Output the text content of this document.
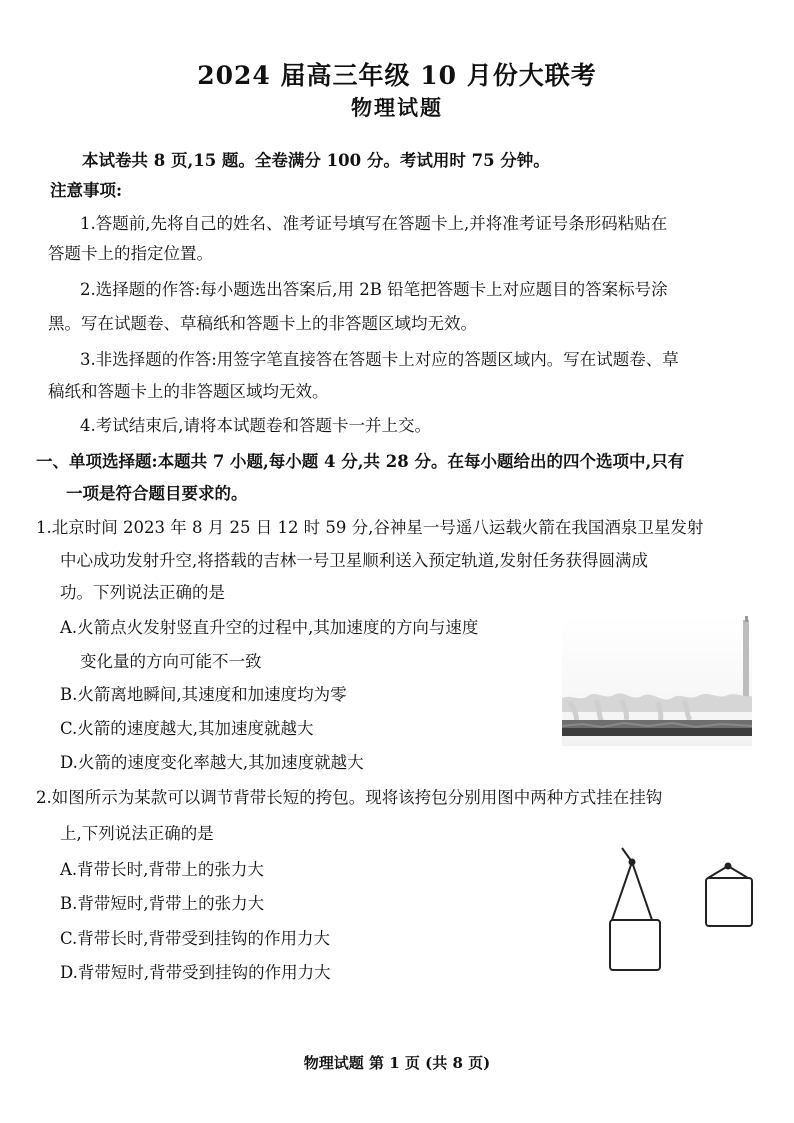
2024 届高三年级 10 月份大联考
物理试题
本试卷共 8 页,15 题。全卷满分 100 分。考试用时 75 分钟。
注意事项:
1.答题前,先将自己的姓名、准考证号填写在答题卡上,并将准考证号条形码粘贴在
答题卡上的指定位置。
2.选择题的作答:每小题选出答案后,用 2B 铅笔把答题卡上对应题目的答案标号涂
黑。写在试题卷、草稿纸和答题卡上的非答题区域均无效。
3.非选择题的作答:用签字笔直接答在答题卡上对应的答题区域内。写在试题卷、草
稿纸和答题卡上的非答题区域均无效。
4.考试结束后,请将本试题卷和答题卡一并上交。
一、单项选择题:本题共 7 小题,每小题 4 分,共 28 分。在每小题给出的四个选项中,只有
一项是符合题目要求的。
1.北京时间 2023 年 8 月 25 日 12 时 59 分,谷神星一号遥八运载火箭在我国酒泉卫星发射
中心成功发射升空,将搭载的吉林一号卫星顺利送入预定轨道,发射任务获得圆满成
功。下列说法正确的是
A.火箭点火发射竖直升空的过程中,其加速度的方向与速度
变化量的方向可能不一致
B.火箭离地瞬间,其速度和加速度均为零
C.火箭的速度越大,其加速度就越大
D.火箭的速度变化率越大,其加速度就越大
2.如图所示为某款可以调节背带长短的挎包。现将该挎包分别用图中两种方式挂在挂钩
上,下列说法正确的是
A.背带长时,背带上的张力大
B.背带短时,背带上的张力大
C.背带长时,背带受到挂钩的作用力大
D.背带短时,背带受到挂钩的作用力大
物理试题 第 1 页 (共 8 页)
